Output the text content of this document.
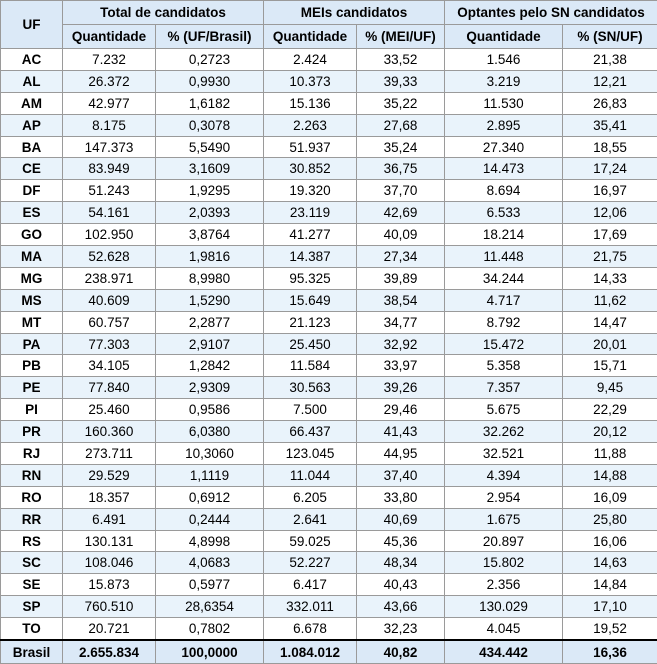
UF	Total de candidatos		MEIs candidatos		Optantes pelo SN candidatos	
	Quantidade	% (UF/Brasil)	Quantidade	% (MEI/UF)	Quantidade	% (SN/UF)
AC	7.232	0,2723	2.424	33,52	1.546	21,38
AL	26.372	0,9930	10.373	39,33	3.219	12,21
AM	42.977	1,6182	15.136	35,22	11.530	26,83
AP	8.175	0,3078	2.263	27,68	2.895	35,41
BA	147.373	5,5490	51.937	35,24	27.340	18,55
CE	83.949	3,1609	30.852	36,75	14.473	17,24
DF	51.243	1,9295	19.320	37,70	8.694	16,97
ES	54.161	2,0393	23.119	42,69	6.533	12,06
GO	102.950	3,8764	41.277	40,09	18.214	17,69
MA	52.628	1,9816	14.387	27,34	11.448	21,75
MG	238.971	8,9980	95.325	39,89	34.244	14,33
MS	40.609	1,5290	15.649	38,54	4.717	11,62
MT	60.757	2,2877	21.123	34,77	8.792	14,47
PA	77.303	2,9107	25.450	32,92	15.472	20,01
PB	34.105	1,2842	11.584	33,97	5.358	15,71
PE	77.840	2,9309	30.563	39,26	7.357	9,45
PI	25.460	0,9586	7.500	29,46	5.675	22,29
PR	160.360	6,0380	66.437	41,43	32.262	20,12
RJ	273.711	10,3060	123.045	44,95	32.521	11,88
RN	29.529	1,1119	11.044	37,40	4.394	14,88
RO	18.357	0,6912	6.205	33,80	2.954	16,09
RR	6.491	0,2444	2.641	40,69	1.675	25,80
RS	130.131	4,8998	59.025	45,36	20.897	16,06
SC	108.046	4,0683	52.227	48,34	15.802	14,63
SE	15.873	0,5977	6.417	40,43	2.356	14,84
SP	760.510	28,6354	332.011	43,66	130.029	17,10
TO	20.721	0,7802	6.678	32,23	4.045	19,52
Brasil	2.655.834	100,0000	1.084.012	40,82	434.442	16,36
